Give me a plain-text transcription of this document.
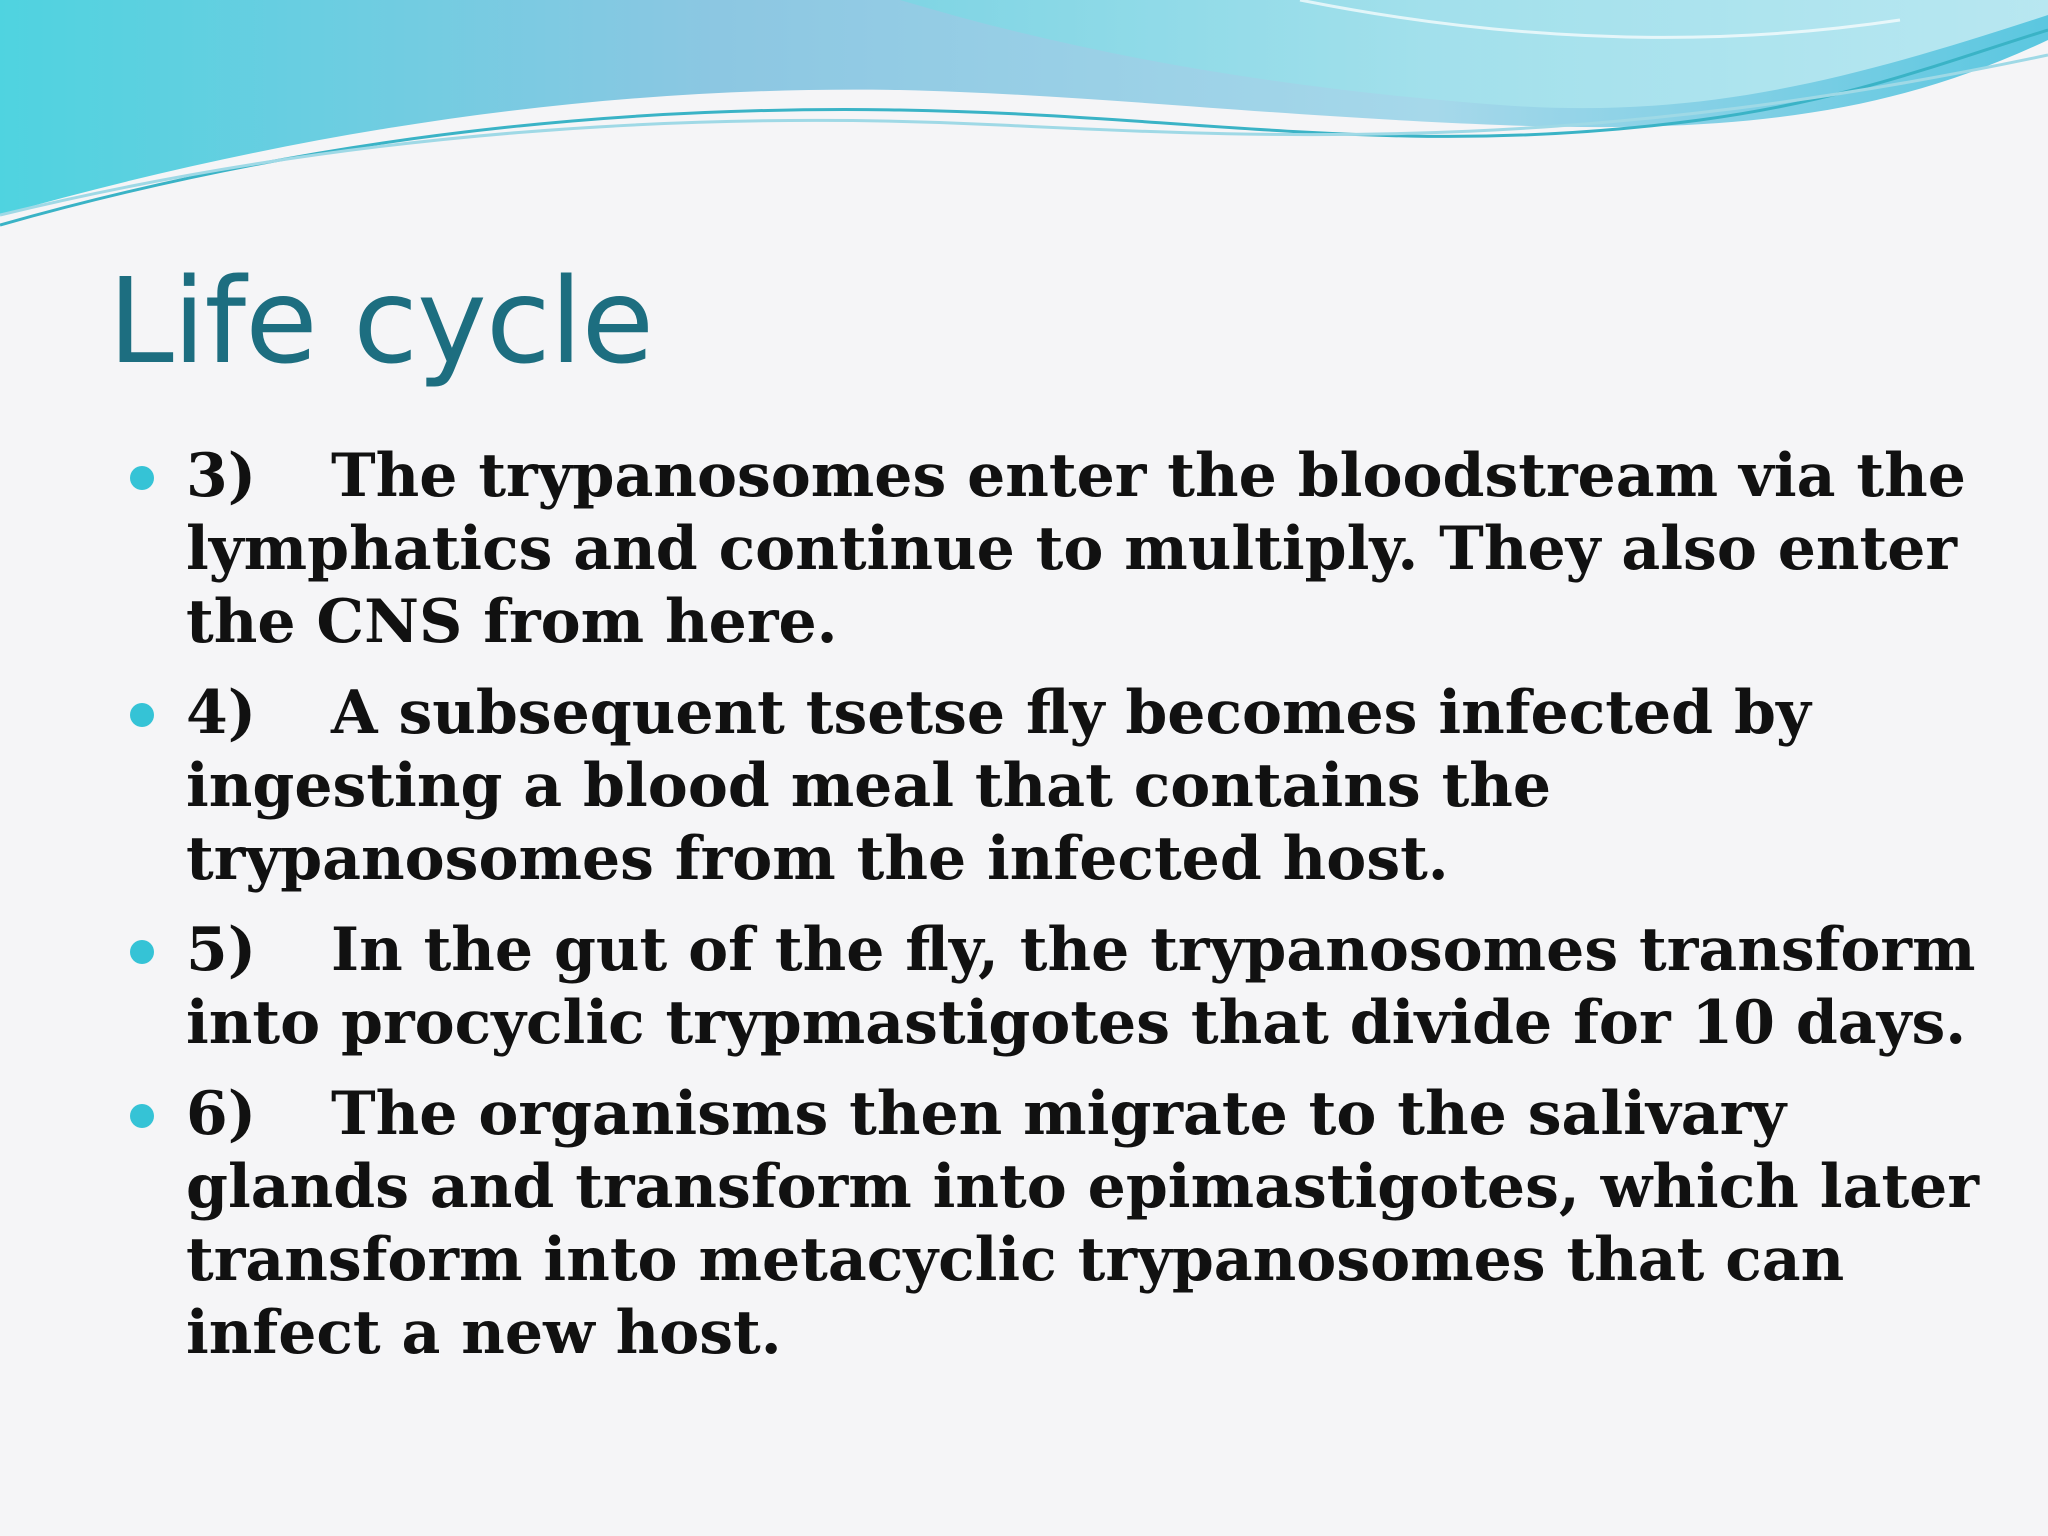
Life cycle
3) The trypanosomes enter the bloodstream via the lymphatics and continue to multiply. They also enter the CNS from here.
4) A subsequent tsetse fly becomes infected by ingesting a blood meal that contains the trypanosomes from the infected host.
5) In the gut of the fly, the trypanosomes transform into procyclic trypmastigotes that divide for 10 days.
6) The organisms then migrate to the salivary glands and transform into epimastigotes, which later transform into metacyclic trypanosomes that can infect a new host.
